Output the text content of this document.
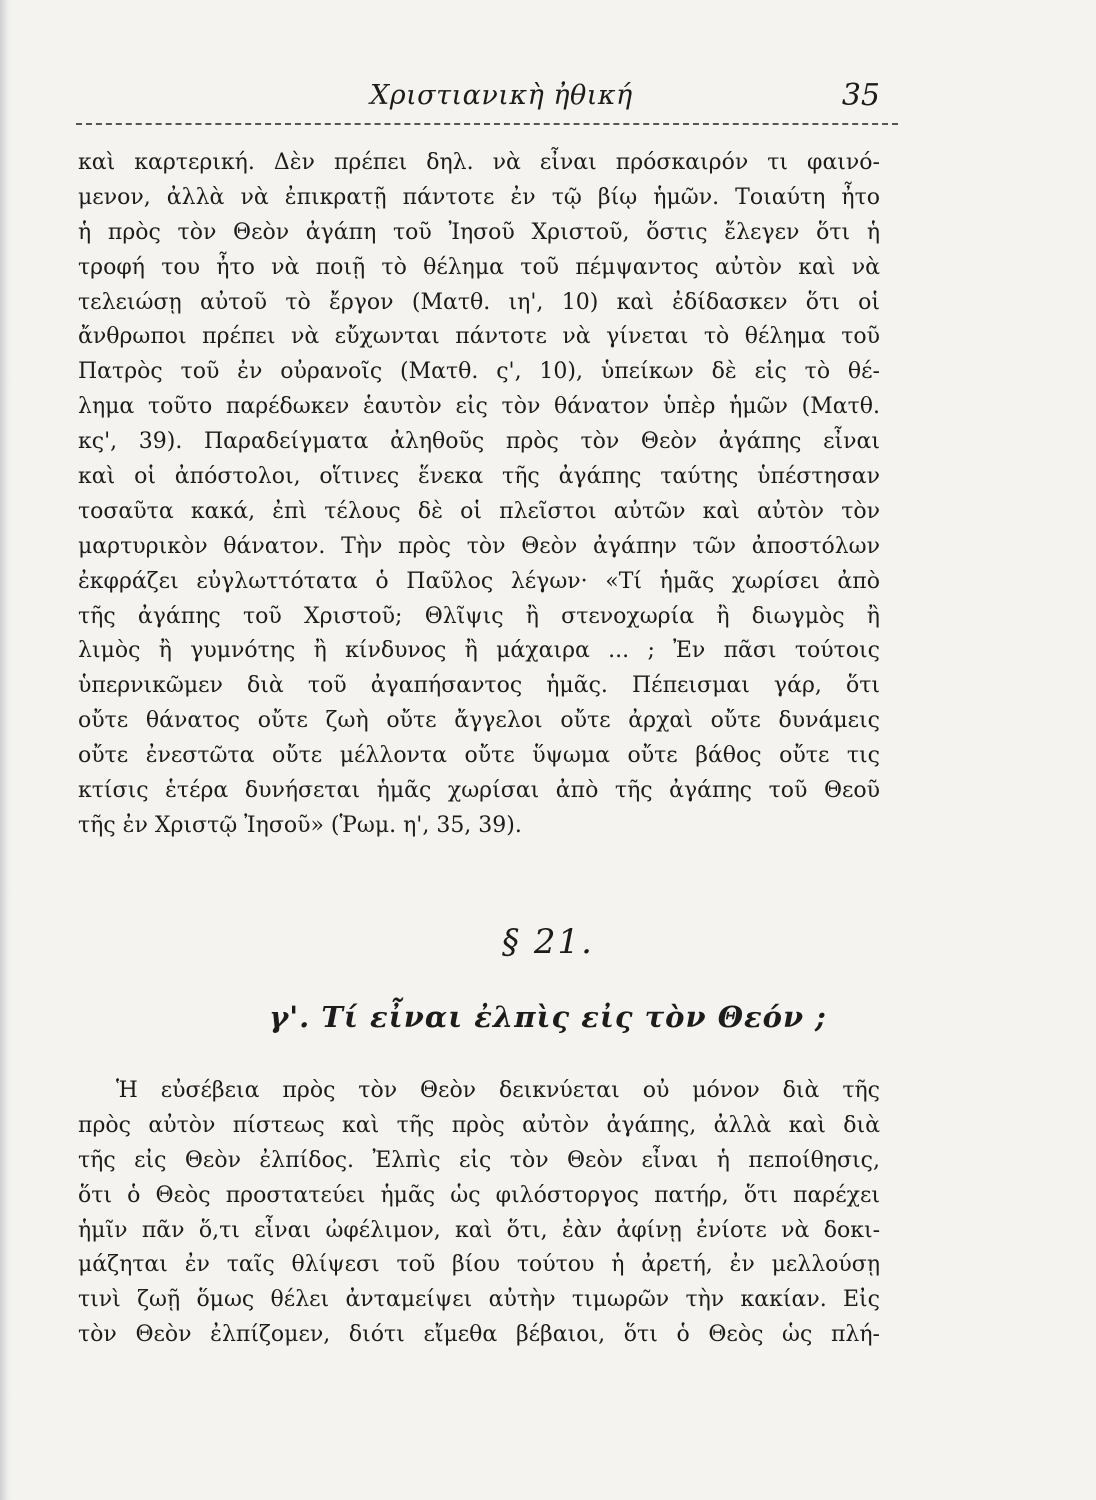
Χριστιανικὴ ἠθική	35
καὶ καρτερική. Δὲν πρέπει δηλ. νὰ εἶναι πρόσκαιρόν τι φαινό-
μενον, ἀλλὰ νὰ ἐπικρατῇ πάντοτε ἐν τῷ βίῳ ἡμῶν. Τοιαύτη ἦτο
ἡ πρὸς τὸν Θεὸν ἀγάπη τοῦ Ἰησοῦ Χριστοῦ, ὅστις ἔλεγεν ὅτι ἡ
τροφή του ἦτο νὰ ποιῇ τὸ θέλημα τοῦ πέμψαντος αὐτὸν καὶ νὰ
τελειώσῃ αὐτοῦ τὸ ἔργον (Ματθ. ιη', 10) καὶ ἐδίδασκεν ὅτι οἱ
ἄνθρωποι πρέπει νὰ εὔχωνται πάντοτε νὰ γίνεται τὸ θέλημα τοῦ
Πατρὸς τοῦ ἐν οὐρανοῖς (Ματθ. ς', 10), ὑπείκων δὲ εἰς τὸ θέ-
λημα τοῦτο παρέδωκεν ἑαυτὸν εἰς τὸν θάνατον ὑπὲρ ἡμῶν (Ματθ.
κς', 39). Παραδείγματα ἀληθοῦς πρὸς τὸν Θεὸν ἀγάπης εἶναι
καὶ οἱ ἀπόστολοι, οἵτινες ἕνεκα τῆς ἀγάπης ταύτης ὑπέστησαν
τοσαῦτα κακά, ἐπὶ τέλους δὲ οἱ πλεῖστοι αὐτῶν καὶ αὐτὸν τὸν
μαρτυρικὸν θάνατον. Τὴν πρὸς τὸν Θεὸν ἀγάπην τῶν ἀποστόλων
ἐκφράζει εὐγλωττότατα ὁ Παῦλος λέγων· «Τί ἡμᾶς χωρίσει ἀπὸ
τῆς ἀγάπης τοῦ Χριστοῦ; Θλῖψις ἢ στενοχωρία ἢ διωγμὸς ἢ
λιμὸς ἢ γυμνότης ἢ κίνδυνος ἢ μάχαιρα ... ; Ἐν πᾶσι τούτοις
ὑπερνικῶμεν διὰ τοῦ ἀγαπήσαντος ἡμᾶς. Πέπεισμαι γάρ, ὅτι
οὔτε θάνατος οὔτε ζωὴ οὔτε ἄγγελοι οὔτε ἀρχαὶ οὔτε δυνάμεις
οὔτε ἐνεστῶτα οὔτε μέλλοντα οὔτε ὕψωμα οὔτε βάθος οὔτε τις
κτίσις ἑτέρα δυνήσεται ἡμᾶς χωρίσαι ἀπὸ τῆς ἀγάπης τοῦ Θεοῦ
τῆς ἐν Χριστῷ Ἰησοῦ» (Ῥωμ. η', 35, 39).
§ 21.
γ'. Τί εἶναι ἐλπὶς εἰς τὸν Θεόν ;
Ἡ εὐσέβεια πρὸς τὸν Θεὸν δεικνύεται οὐ μόνον διὰ τῆς
πρὸς αὐτὸν πίστεως καὶ τῆς πρὸς αὐτὸν ἀγάπης, ἀλλὰ καὶ διὰ
τῆς εἰς Θεὸν ἐλπίδος. Ἐλπὶς εἰς τὸν Θεὸν εἶναι ἡ πεποίθησις,
ὅτι ὁ Θεὸς προστατεύει ἡμᾶς ὡς φιλόστοργος πατήρ, ὅτι παρέχει
ἡμῖν πᾶν ὅ,τι εἶναι ὠφέλιμον, καὶ ὅτι, ἐὰν ἀφίνῃ ἐνίοτε νὰ δοκι-
μάζηται ἐν ταῖς θλίψεσι τοῦ βίου τούτου ἡ ἀρετή, ἐν μελλούσῃ
τινὶ ζωῇ ὅμως θέλει ἀνταμείψει αὐτὴν τιμωρῶν τὴν κακίαν. Εἰς
τὸν Θεὸν ἐλπίζομεν, διότι εἴμεθα βέβαιοι, ὅτι ὁ Θεὸς ὡς πλή-
